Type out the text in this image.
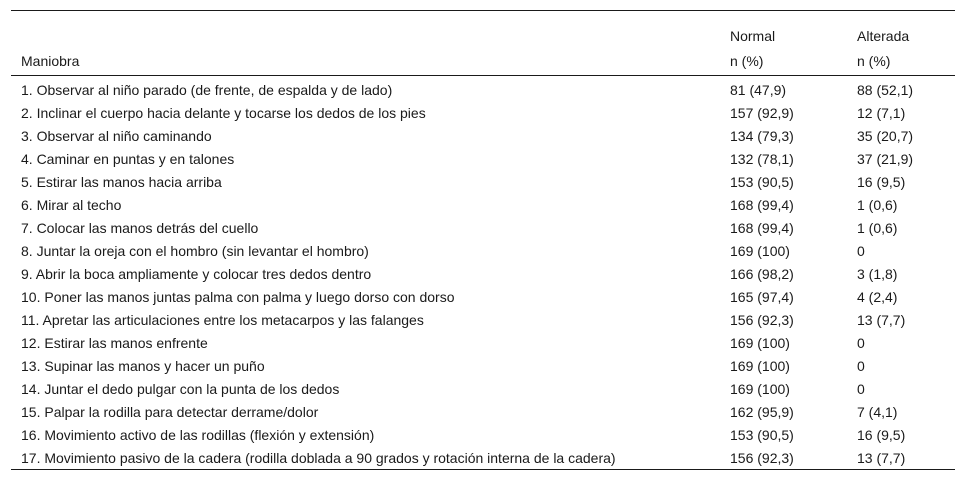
	Normal	Alterada
Maniobra	n (%)	n (%)
1. Observar al niño parado (de frente, de espalda y de lado)	81 (47,9)	88 (52,1)
2. Inclinar el cuerpo hacia delante y tocarse los dedos de los pies	157 (92,9)	12 (7,1)
3. Observar al niño caminando	134 (79,3)	35 (20,7)
4. Caminar en puntas y en talones	132 (78,1)	37 (21,9)
5. Estirar las manos hacia arriba	153 (90,5)	16 (9,5)
6. Mirar al techo	168 (99,4)	1 (0,6)
7. Colocar las manos detrás del cuello	168 (99,4)	1 (0,6)
8. Juntar la oreja con el hombro (sin levantar el hombro)	169 (100)	0
9. Abrir la boca ampliamente y colocar tres dedos dentro	166 (98,2)	3 (1,8)
10. Poner las manos juntas palma con palma y luego dorso con dorso	165 (97,4)	4 (2,4)
11. Apretar las articulaciones entre los metacarpos y las falanges	156 (92,3)	13 (7,7)
12. Estirar las manos enfrente	169 (100)	0
13. Supinar las manos y hacer un puño	169 (100)	0
14. Juntar el dedo pulgar con la punta de los dedos	169 (100)	0
15. Palpar la rodilla para detectar derrame/dolor	162 (95,9)	7 (4,1)
16. Movimiento activo de las rodillas (flexión y extensión)	153 (90,5)	16 (9,5)
17. Movimiento pasivo de la cadera (rodilla doblada a 90 grados y rotación interna de la cadera)	156 (92,3)	13 (7,7)
